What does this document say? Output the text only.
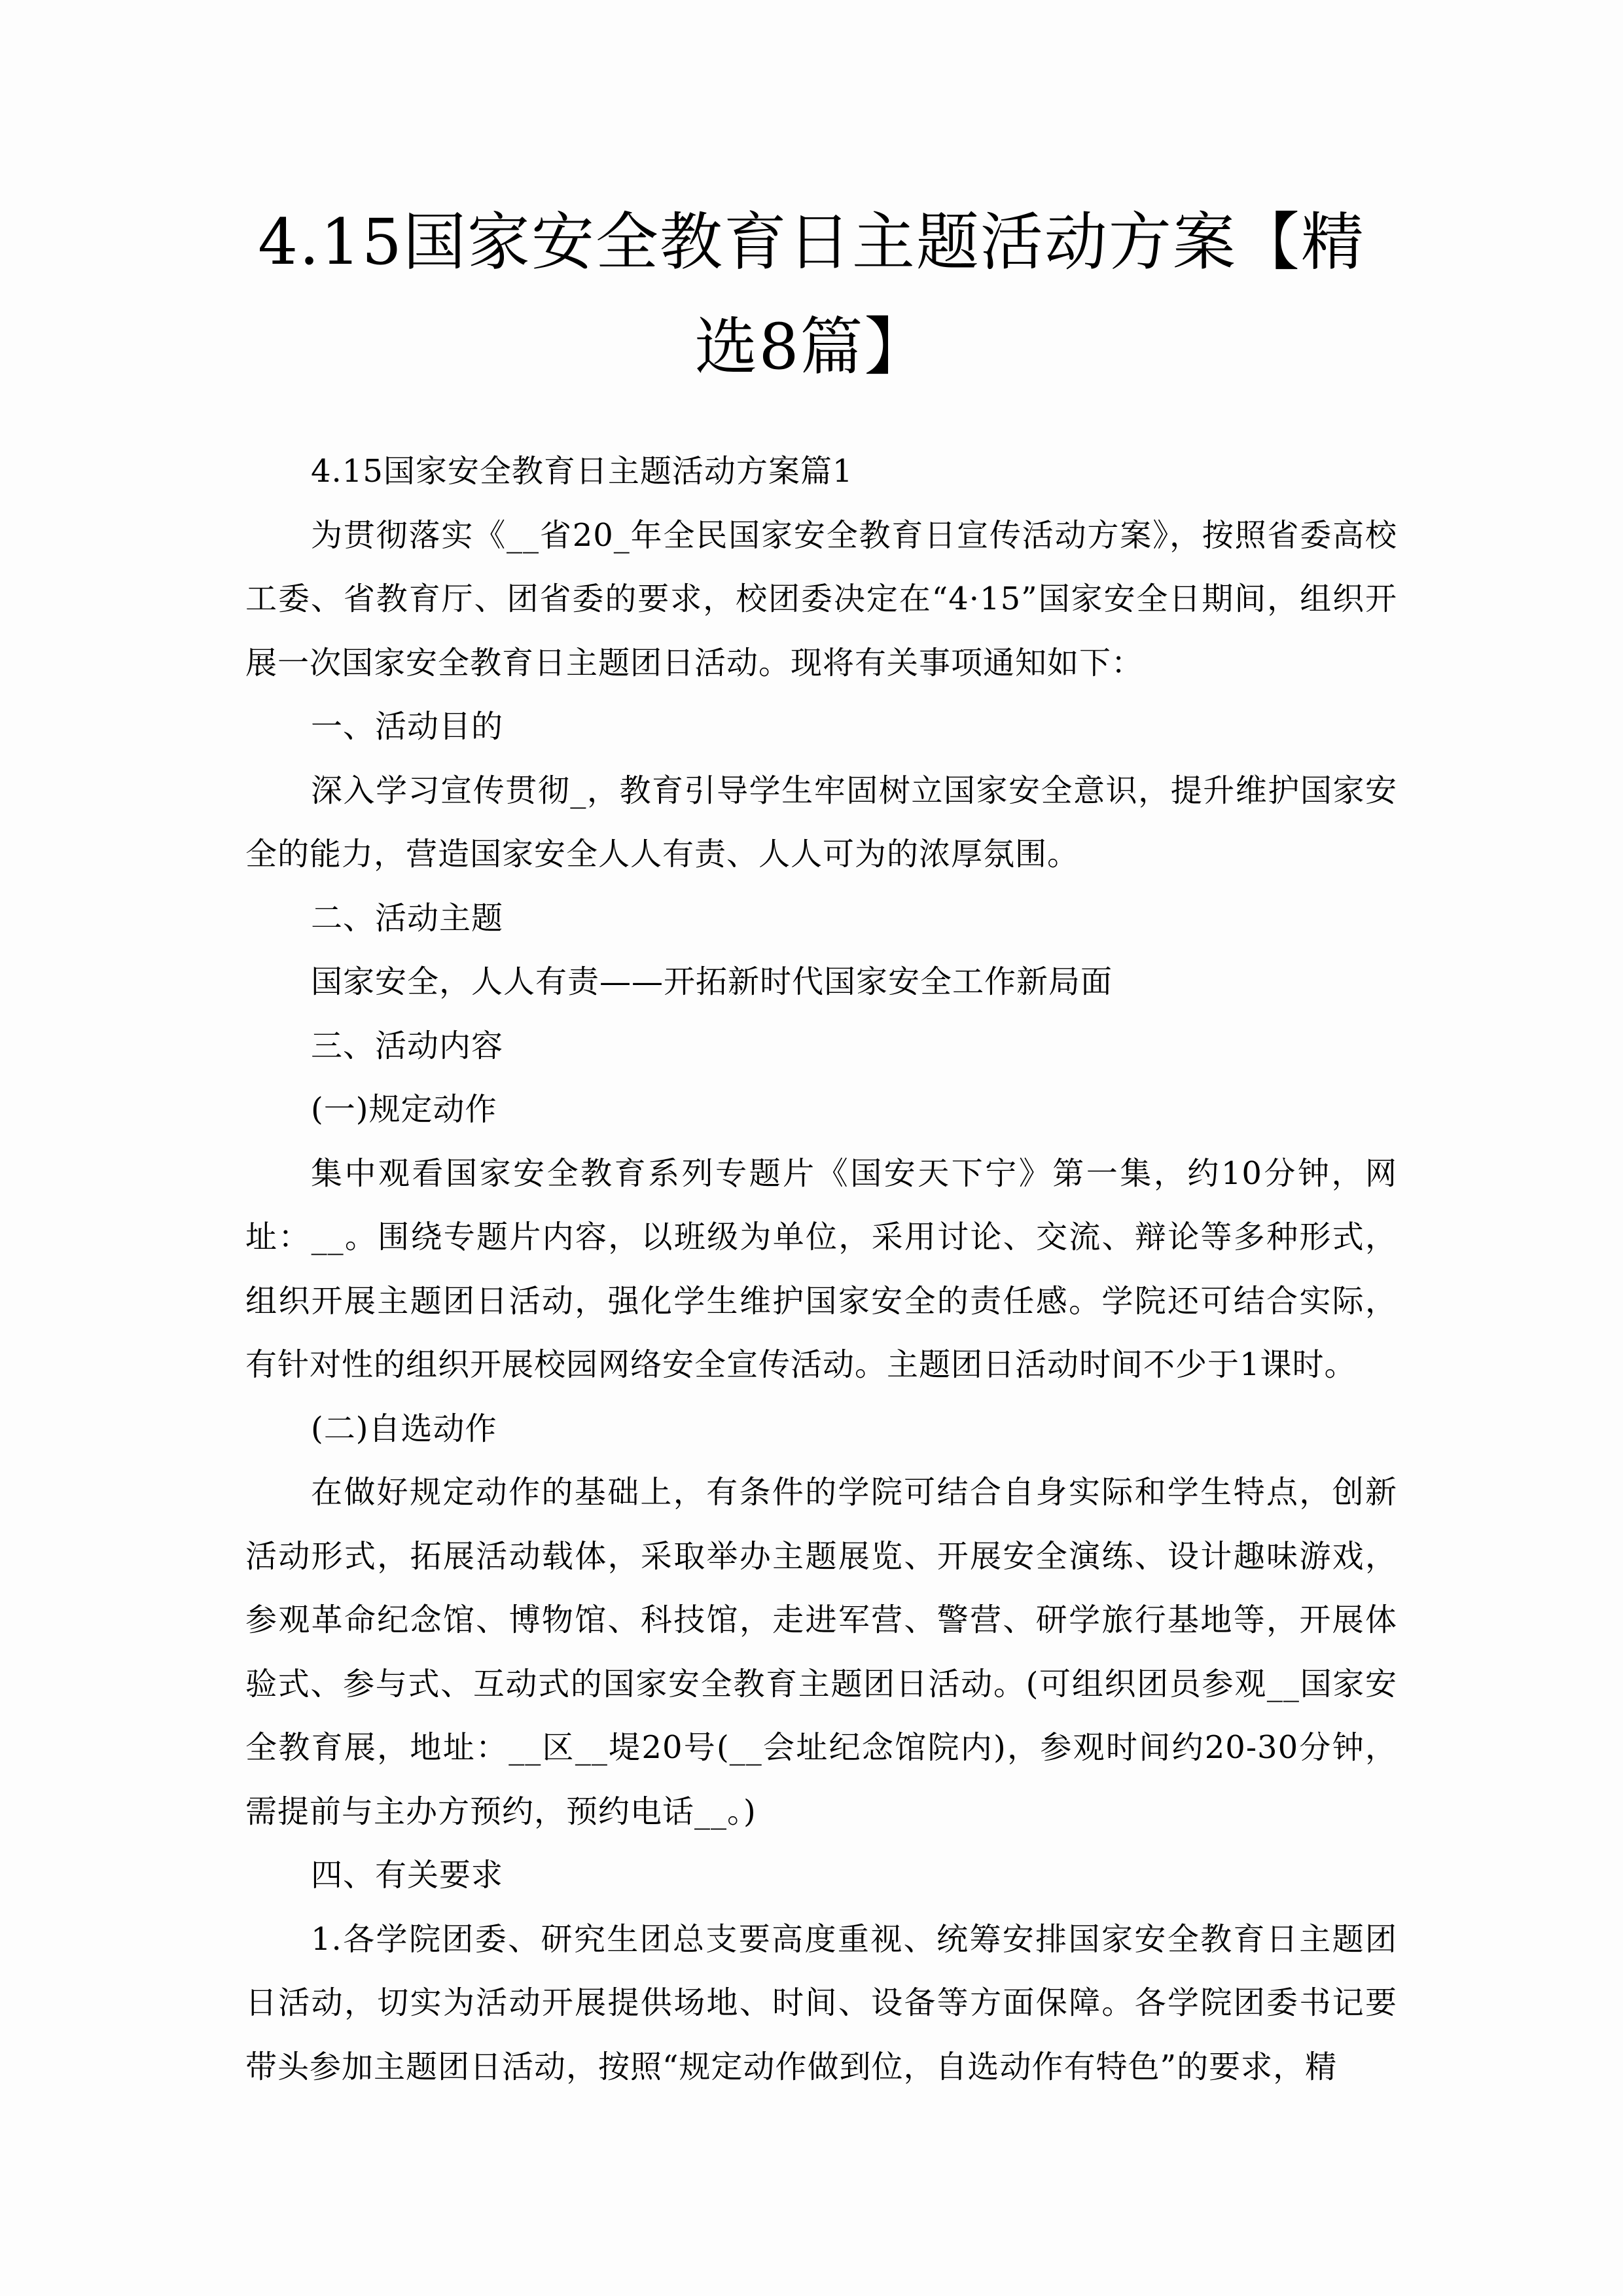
4.15国家安全教育日主题活动方案【精选8篇】

4.15国家安全教育日主题活动方案篇1

为贯彻落实《__省20_年全民国家安全教育日宣传活动方案》，按照省委高校工委、省教育厅、团省委的要求，校团委决定在“4·15”国家安全日期间，组织开展一次国家安全教育日主题团日活动。现将有关事项通知如下：

一、活动目的

深入学习宣传贯彻_，教育引导学生牢固树立国家安全意识，提升维护国家安全的能力，营造国家安全人人有责、人人可为的浓厚氛围。

二、活动主题

国家安全，人人有责——开拓新时代国家安全工作新局面

三、活动内容

(一)规定动作

集中观看国家安全教育系列专题片《国安天下宁》第一集，约10分钟，网址：__。围绕专题片内容，以班级为单位，采用讨论、交流、辩论等多种形式，组织开展主题团日活动，强化学生维护国家安全的责任感。学院还可结合实际，有针对性的组织开展校园网络安全宣传活动。主题团日活动时间不少于1课时。

(二)自选动作

在做好规定动作的基础上，有条件的学院可结合自身实际和学生特点，创新活动形式，拓展活动载体，采取举办主题展览、开展安全演练、设计趣味游戏，参观革命纪念馆、博物馆、科技馆，走进军营、警营、研学旅行基地等，开展体验式、参与式、互动式的国家安全教育主题团日活动。(可组织团员参观__国家安全教育展，地址：__区__堤20号(__会址纪念馆院内)，参观时间约20-30分钟，需提前与主办方预约，预约电话__。)

四、有关要求

1.各学院团委、研究生团总支要高度重视、统筹安排国家安全教育日主题团日活动，切实为活动开展提供场地、时间、设备等方面保障。各学院团委书记要带头参加主题团日活动，按照“规定动作做到位，自选动作有特色”的要求，精
